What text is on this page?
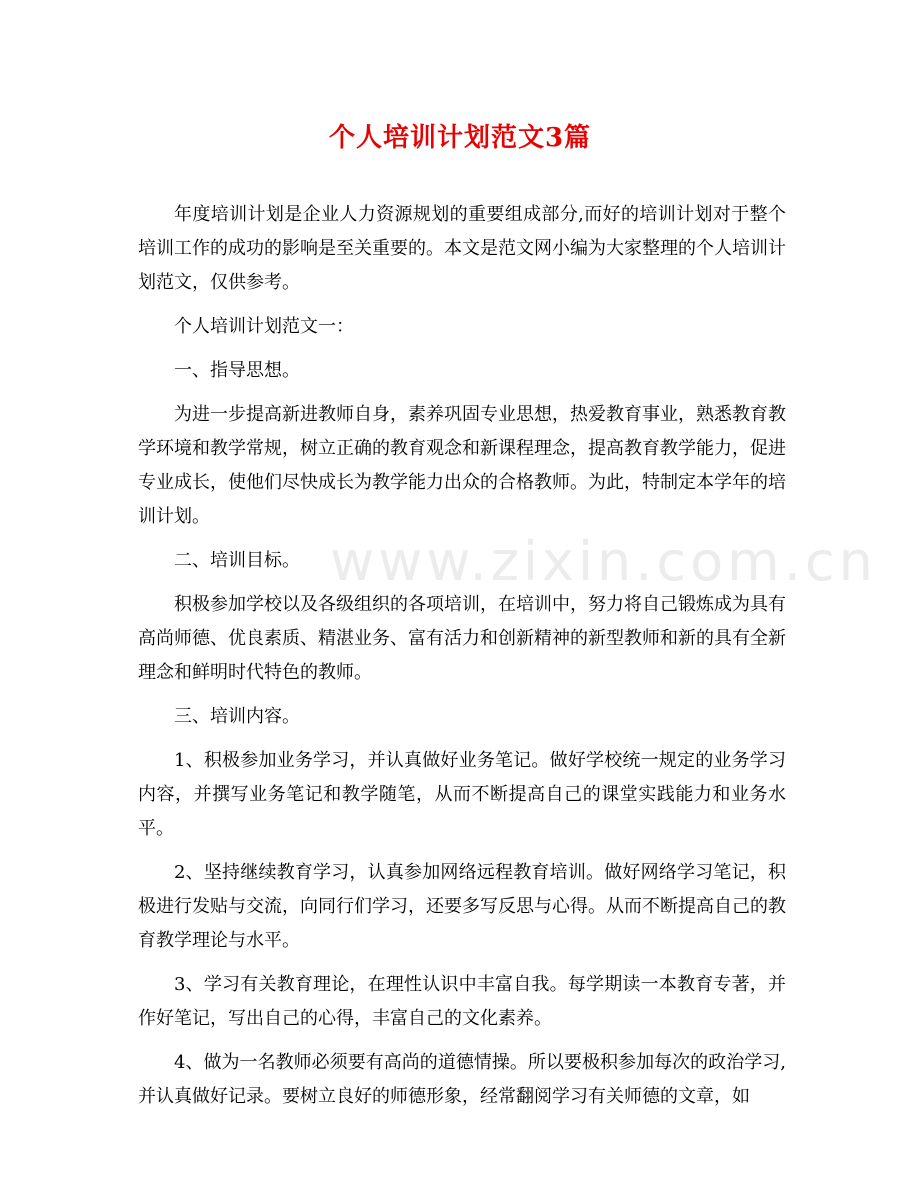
个人培训计划范文3篇
www.zixin.com.cn

年度培训计划是企业人力资源规划的重要组成部分,而好的培训计划对于整个培训工作的成功的影响是至关重要的。本文是范文网小编为大家整理的个人培训计划范文，仅供参考。

个人培训计划范文一：

一、指导思想。

为进一步提高新进教师自身，素养巩固专业思想，热爱教育事业，熟悉教育教学环境和教学常规，树立正确的教育观念和新课程理念，提高教育教学能力，促进专业成长，使他们尽快成长为教学能力出众的合格教师。为此，特制定本学年的培训计划。

二、培训目标。

积极参加学校以及各级组织的各项培训，在培训中，努力将自己锻炼成为具有高尚师德、优良素质、精湛业务、富有活力和创新精神的新型教师和新的具有全新理念和鲜明时代特色的教师。

三、培训内容。

1、积极参加业务学习，并认真做好业务笔记。做好学校统一规定的业务学习内容，并撰写业务笔记和教学随笔，从而不断提高自己的课堂实践能力和业务水平。

2、坚持继续教育学习，认真参加网络远程教育培训。做好网络学习笔记，积极进行发贴与交流，向同行们学习，还要多写反思与心得。从而不断提高自己的教育教学理论与水平。

3、学习有关教育理论，在理性认识中丰富自我。每学期读一本教育专著，并作好笔记，写出自己的心得，丰富自己的文化素养。

4、做为一名教师必须要有高尚的道德情操。所以要极积参加每次的政治学习,并认真做好记录。要树立良好的师德形象，经常翻阅学习有关师德的文章，如
